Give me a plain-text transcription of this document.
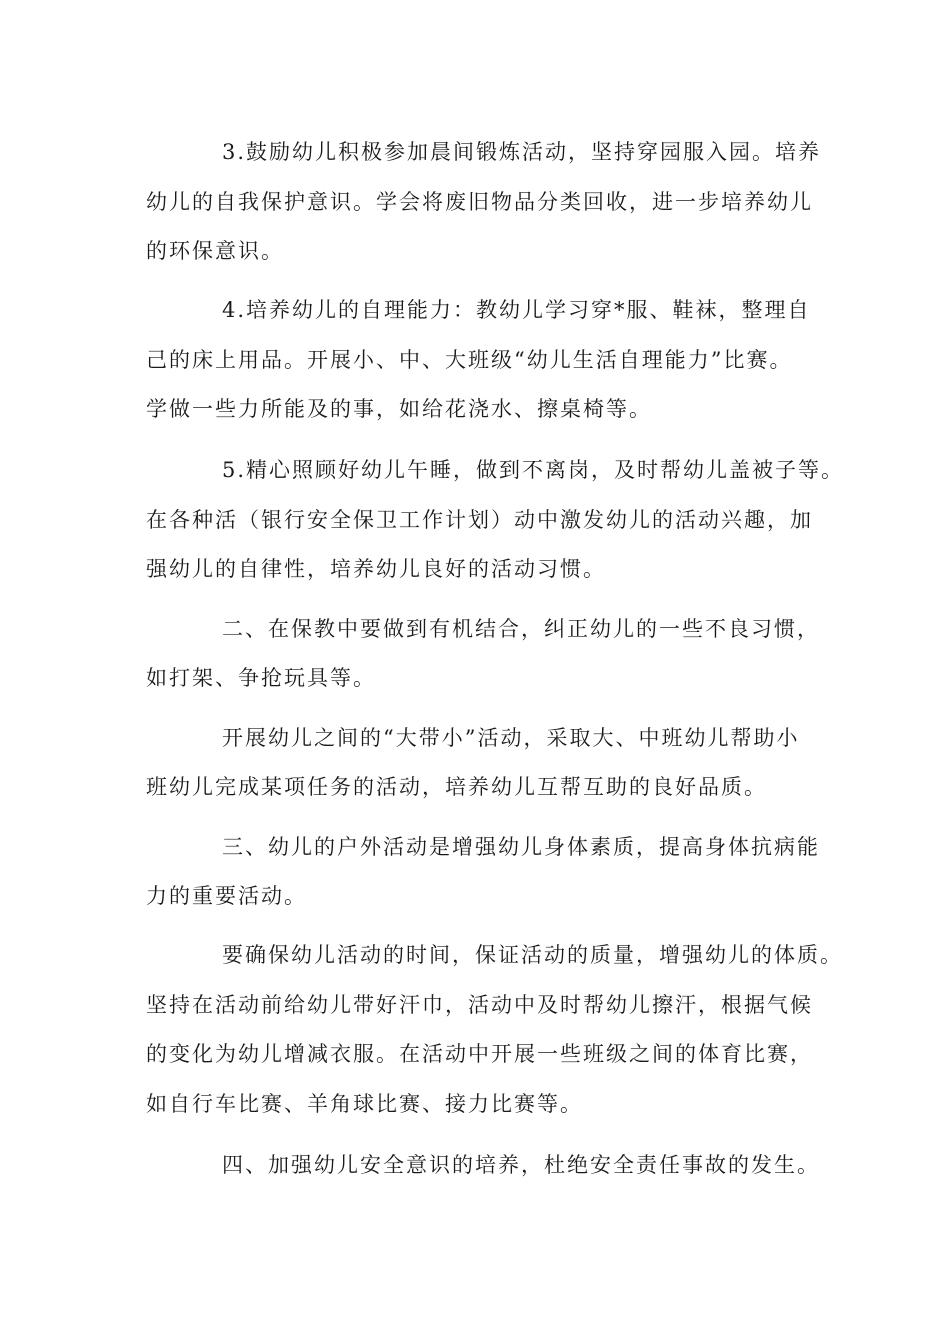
3.鼓励幼儿积极参加晨间锻炼活动，坚持穿园服入园。培养

幼儿的自我保护意识。学会将废旧物品分类回收，进一步培养幼儿

的环保意识。

4.培养幼儿的自理能力：教幼儿学习穿*服、鞋袜，整理自

己的床上用品。开展小、中、大班级“幼儿生活自理能力”比赛。

学做一些力所能及的事，如给花浇水、擦桌椅等。

5.精心照顾好幼儿午睡，做到不离岗，及时帮幼儿盖被子等。

在各种活（银行安全保卫工作计划）动中激发幼儿的活动兴趣，加

强幼儿的自律性，培养幼儿良好的活动习惯。

二、在保教中要做到有机结合，纠正幼儿的一些不良习惯，

如打架、争抢玩具等。

开展幼儿之间的“大带小”活动，采取大、中班幼儿帮助小

班幼儿完成某项任务的活动，培养幼儿互帮互助的良好品质。

三、幼儿的户外活动是增强幼儿身体素质，提高身体抗病能

力的重要活动。

要确保幼儿活动的时间，保证活动的质量，增强幼儿的体质。

坚持在活动前给幼儿带好汗巾，活动中及时帮幼儿擦汗，根据气候

的变化为幼儿增减衣服。在活动中开展一些班级之间的体育比赛，

如自行车比赛、羊角球比赛、接力比赛等。

四、加强幼儿安全意识的培养，杜绝安全责任事故的发生。
